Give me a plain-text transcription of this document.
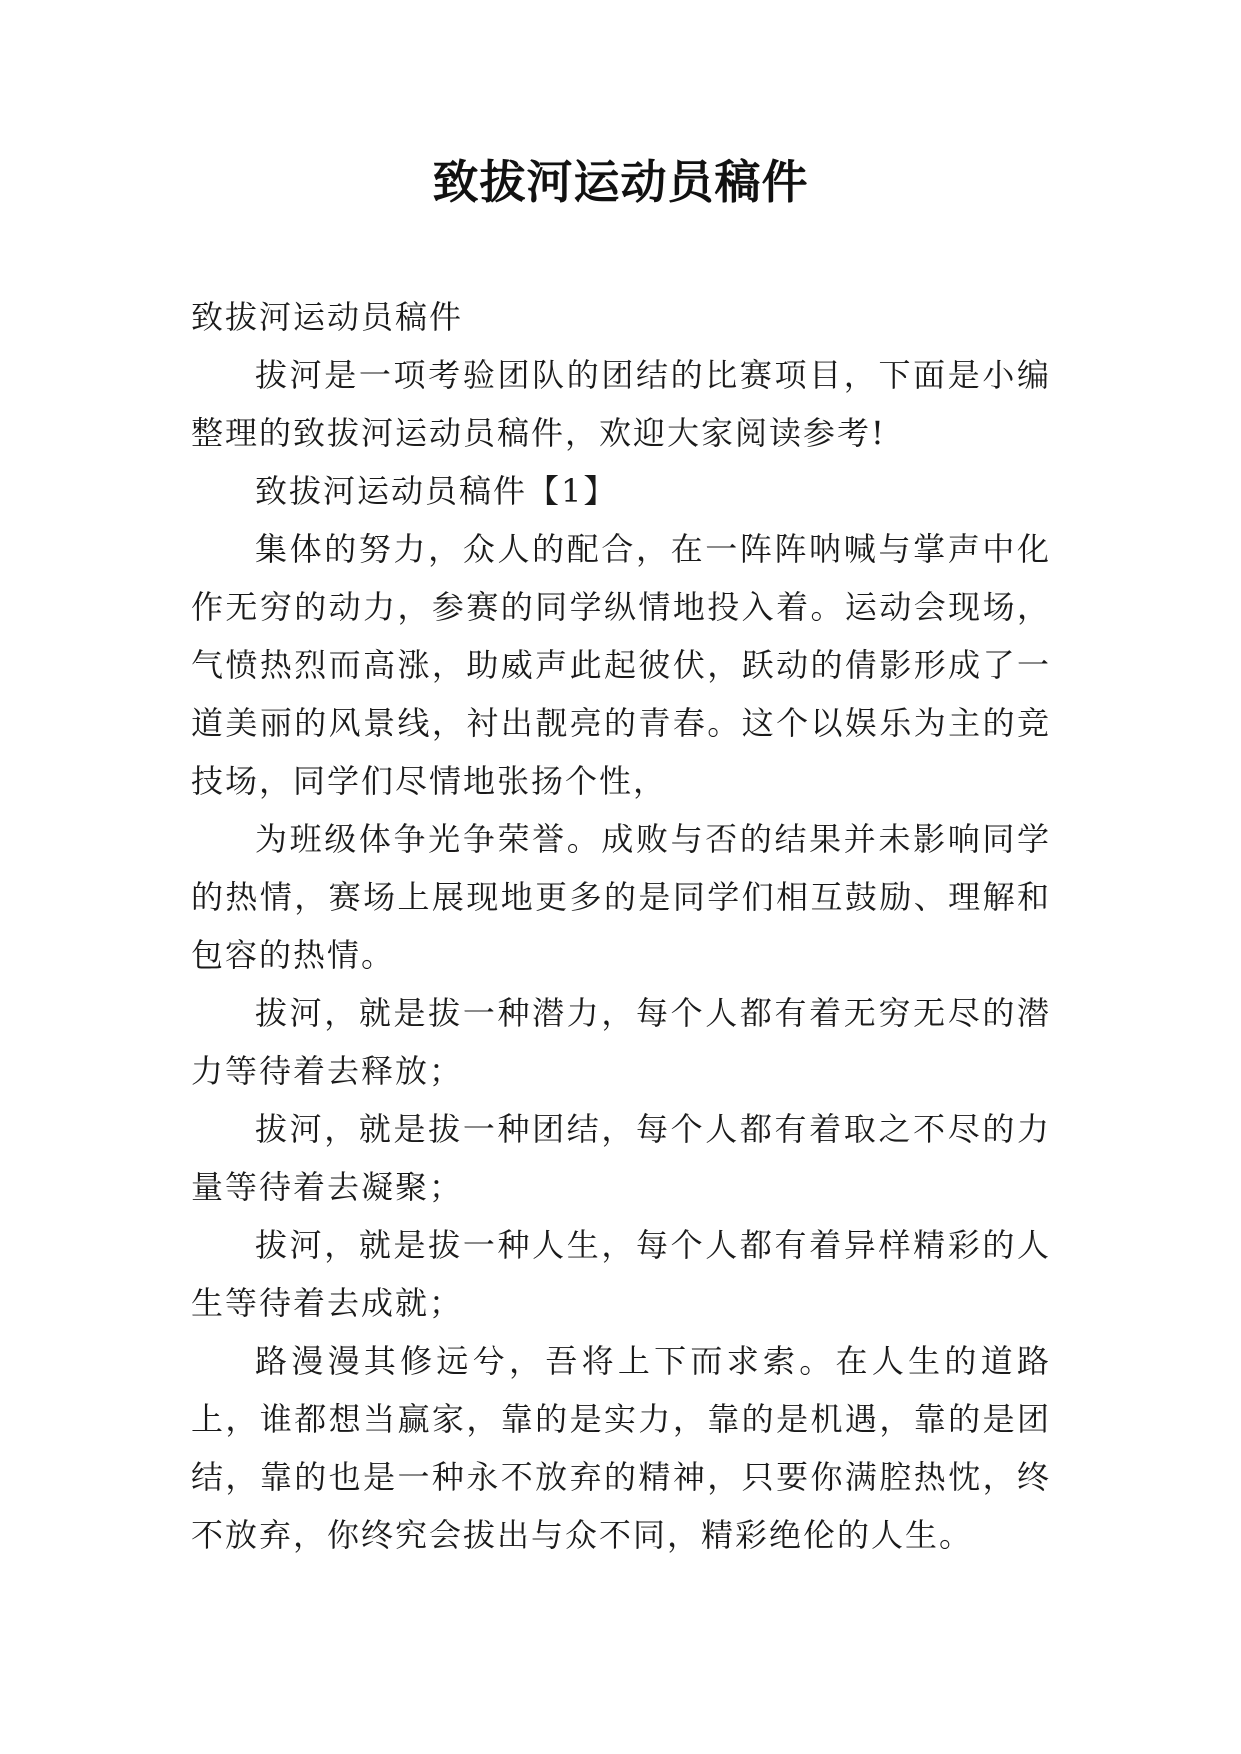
致拔河运动员稿件

致拔河运动员稿件

拔河是一项考验团队的团结的比赛项目，下面是小编整理的致拔河运动员稿件，欢迎大家阅读参考!

致拔河运动员稿件【1】

集体的努力，众人的配合，在一阵阵呐喊与掌声中化作无穷的动力，参赛的同学纵情地投入着。运动会现场，气愤热烈而高涨，助威声此起彼伏，跃动的倩影形成了一道美丽的风景线，衬出靓亮的青春。这个以娱乐为主的竞技场，同学们尽情地张扬个性，

为班级体争光争荣誉。成败与否的结果并未影响同学的热情，赛场上展现地更多的是同学们相互鼓励、理解和包容的热情。

拔河，就是拔一种潜力，每个人都有着无穷无尽的潜力等待着去释放；

拔河，就是拔一种团结，每个人都有着取之不尽的力量等待着去凝聚；

拔河，就是拔一种人生，每个人都有着异样精彩的人生等待着去成就；

路漫漫其修远兮，吾将上下而求索。在人生的道路上，谁都想当赢家，靠的是实力，靠的是机遇，靠的是团结，靠的也是一种永不放弃的精神，只要你满腔热忱，终不放弃，你终究会拔出与众不同，精彩绝伦的人生。
